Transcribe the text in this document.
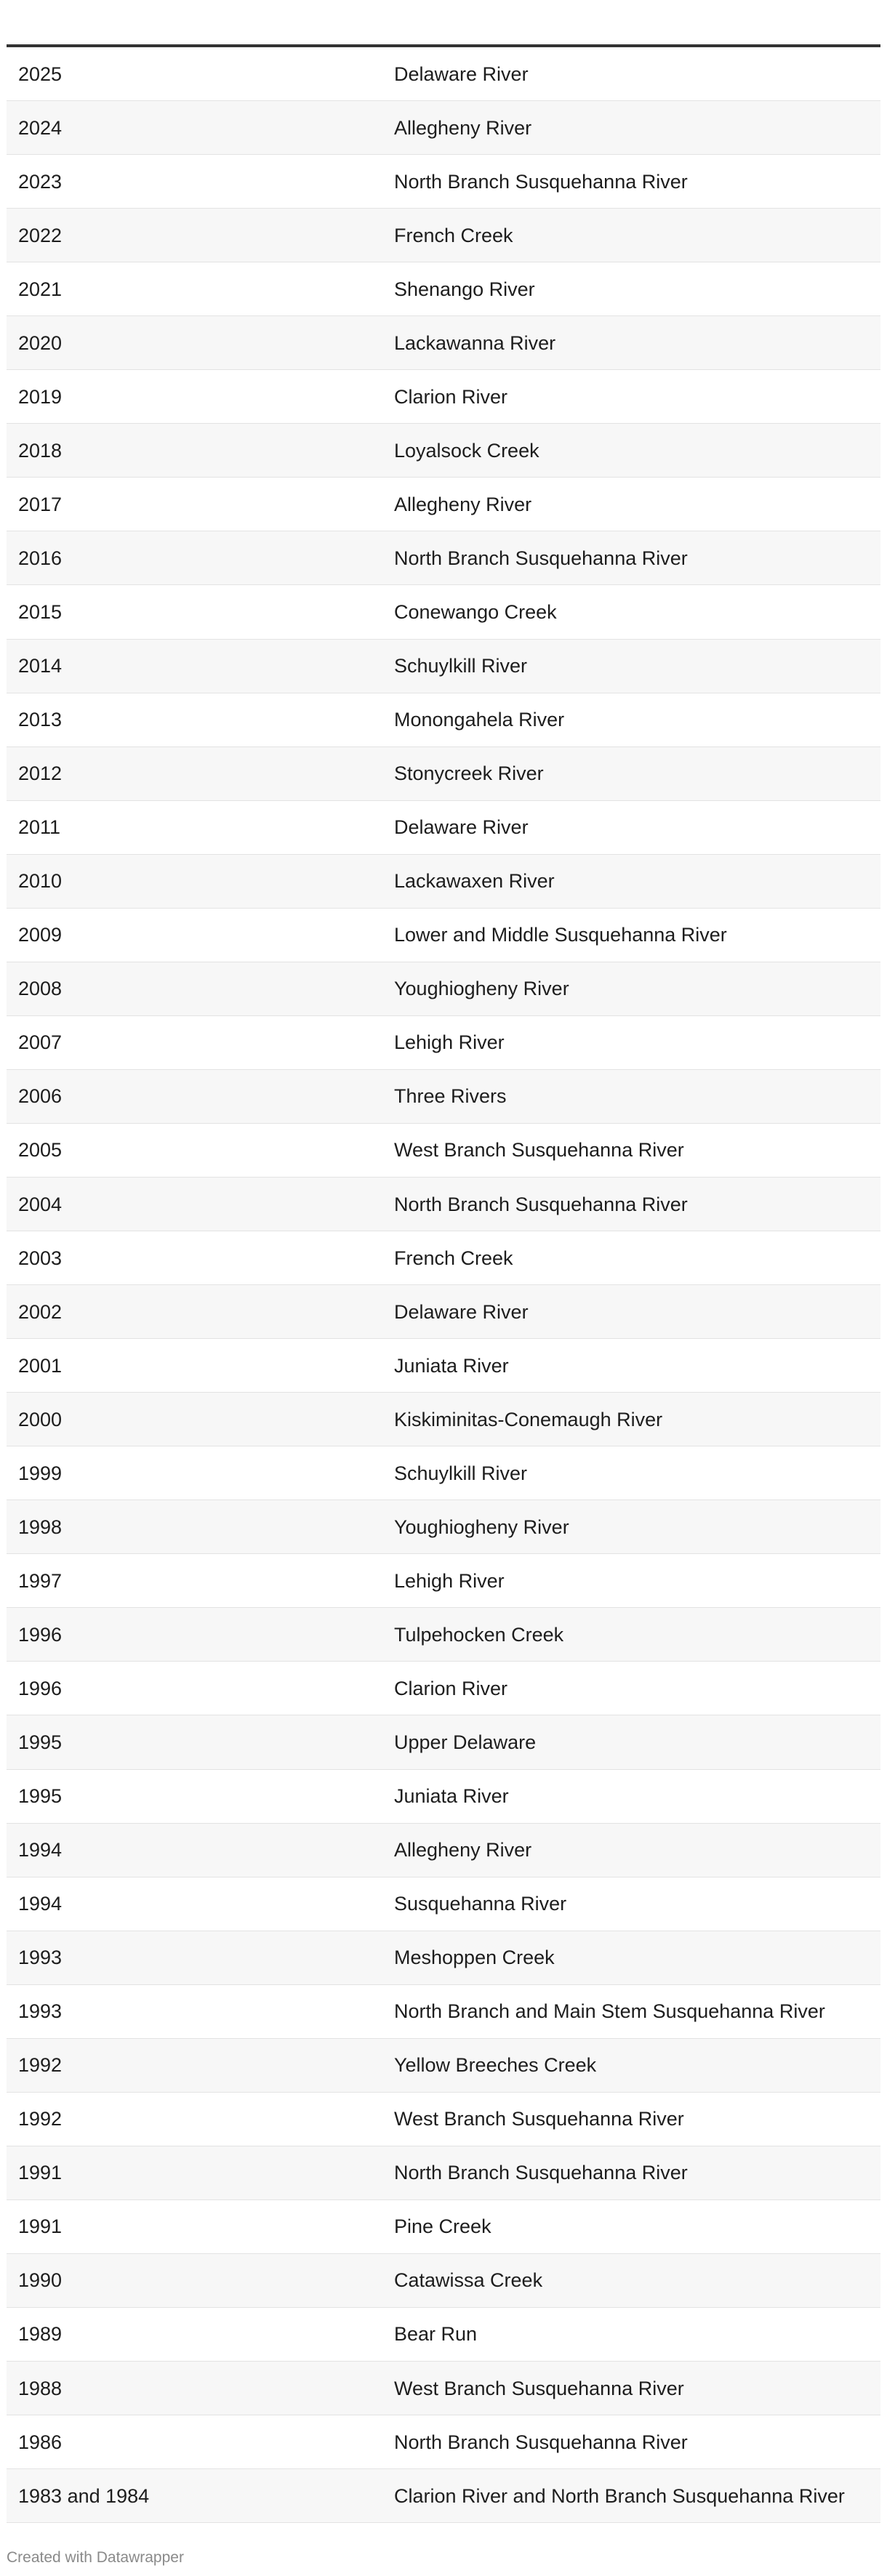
2025	Delaware River
2024	Allegheny River
2023	North Branch Susquehanna River
2022	French Creek
2021	Shenango River
2020	Lackawanna River
2019	Clarion River
2018	Loyalsock Creek
2017	Allegheny River
2016	North Branch Susquehanna River
2015	Conewango Creek
2014	Schuylkill River
2013	Monongahela River
2012	Stonycreek River
2011	Delaware River
2010	Lackawaxen River
2009	Lower and Middle Susquehanna River
2008	Youghiogheny River
2007	Lehigh River
2006	Three Rivers
2005	West Branch Susquehanna River
2004	North Branch Susquehanna River
2003	French Creek
2002	Delaware River
2001	Juniata River
2000	Kiskiminitas-Conemaugh River
1999	Schuylkill River
1998	Youghiogheny River
1997	Lehigh River
1996	Tulpehocken Creek
1996	Clarion River
1995	Upper Delaware
1995	Juniata River
1994	Allegheny River
1994	Susquehanna River
1993	Meshoppen Creek
1993	North Branch and Main Stem Susquehanna River
1992	Yellow Breeches Creek
1992	West Branch Susquehanna River
1991	North Branch Susquehanna River
1991	Pine Creek
1990	Catawissa Creek
1989	Bear Run
1988	West Branch Susquehanna River
1986	North Branch Susquehanna River
1983 and 1984	Clarion River and North Branch Susquehanna River
Created with Datawrapper
